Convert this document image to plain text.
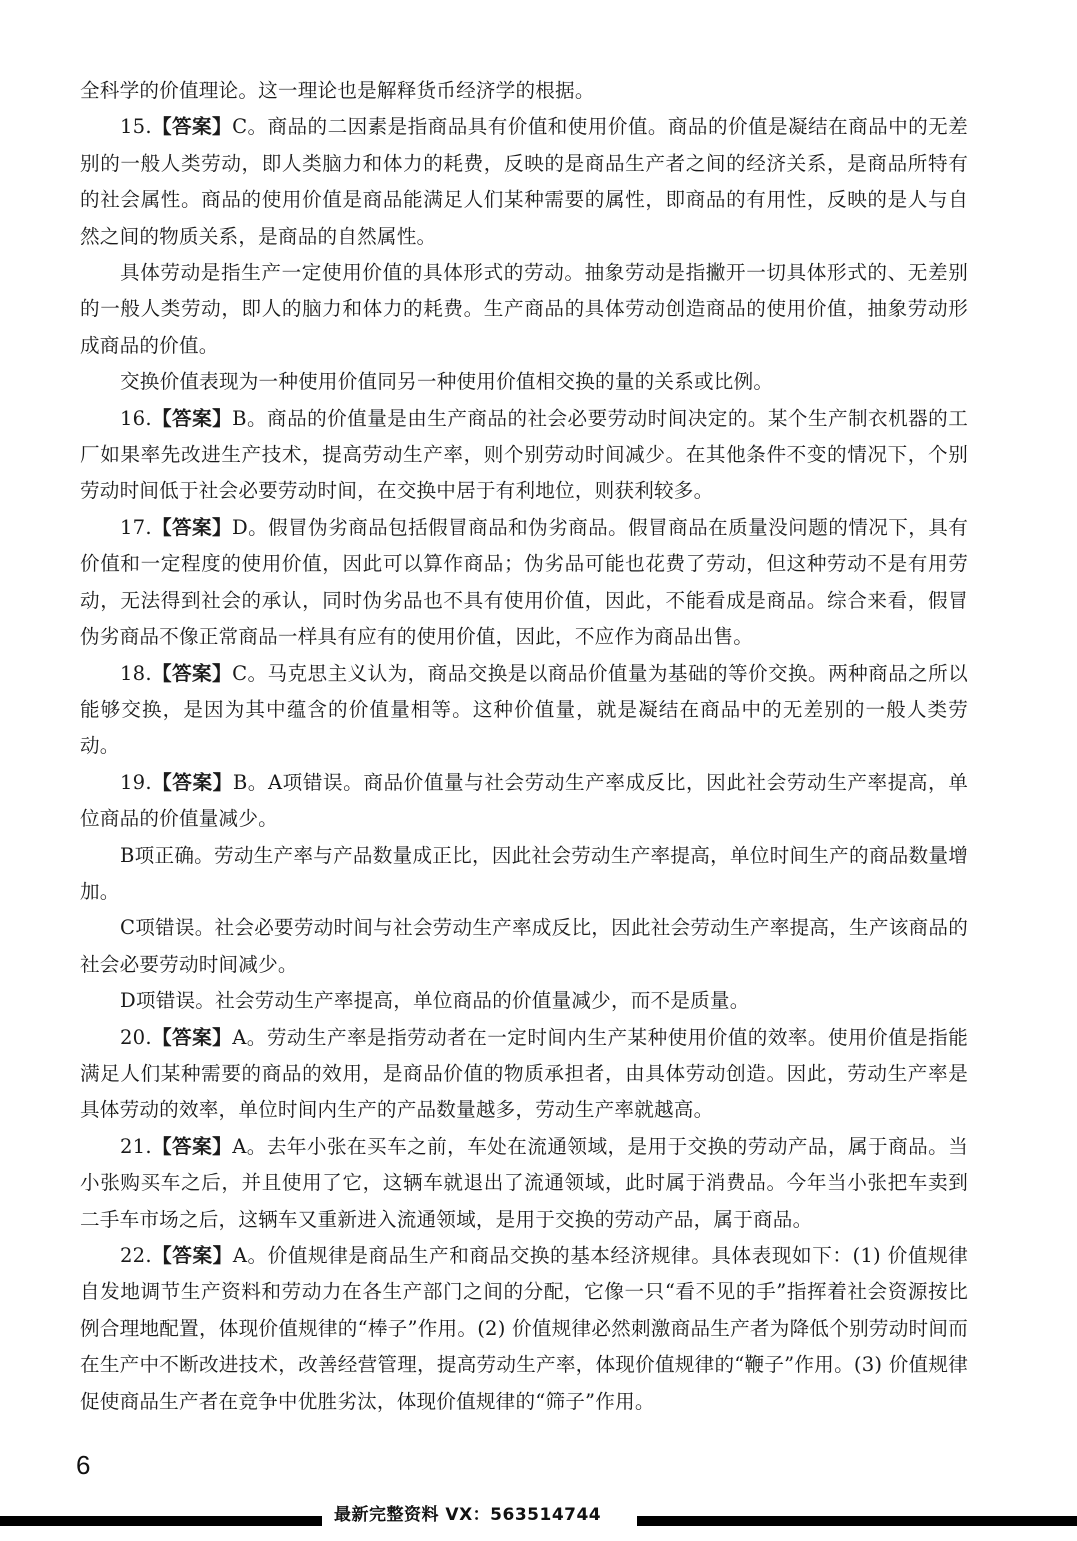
全科学的价值理论。这一理论也是解释货币经济学的根据。

15.【答案】C。商品的二因素是指商品具有价值和使用价值。商品的价值是凝结在商品中的无差别的一般人类劳动，即人类脑力和体力的耗费，反映的是商品生产者之间的经济关系，是商品所特有的社会属性。商品的使用价值是商品能满足人们某种需要的属性，即商品的有用性，反映的是人与自然之间的物质关系，是商品的自然属性。

具体劳动是指生产一定使用价值的具体形式的劳动。抽象劳动是指撇开一切具体形式的、无差别的一般人类劳动，即人的脑力和体力的耗费。生产商品的具体劳动创造商品的使用价值，抽象劳动形成商品的价值。

交换价值表现为一种使用价值同另一种使用价值相交换的量的关系或比例。

16.【答案】B。商品的价值量是由生产商品的社会必要劳动时间决定的。某个生产制衣机器的工厂如果率先改进生产技术，提高劳动生产率，则个别劳动时间减少。在其他条件不变的情况下，个别劳动时间低于社会必要劳动时间，在交换中居于有利地位，则获利较多。

17.【答案】D。假冒伪劣商品包括假冒商品和伪劣商品。假冒商品在质量没问题的情况下，具有价值和一定程度的使用价值，因此可以算作商品；伪劣品可能也花费了劳动，但这种劳动不是有用劳动，无法得到社会的承认，同时伪劣品也不具有使用价值，因此，不能看成是商品。综合来看，假冒伪劣商品不像正常商品一样具有应有的使用价值，因此，不应作为商品出售。

18.【答案】C。马克思主义认为，商品交换是以商品价值量为基础的等价交换。两种商品之所以能够交换，是因为其中蕴含的价值量相等。这种价值量，就是凝结在商品中的无差别的一般人类劳动。

19.【答案】B。A项错误。商品价值量与社会劳动生产率成反比，因此社会劳动生产率提高，单位商品的价值量减少。

B项正确。劳动生产率与产品数量成正比，因此社会劳动生产率提高，单位时间生产的商品数量增加。

C项错误。社会必要劳动时间与社会劳动生产率成反比，因此社会劳动生产率提高，生产该商品的社会必要劳动时间减少。

D项错误。社会劳动生产率提高，单位商品的价值量减少，而不是质量。

20.【答案】A。劳动生产率是指劳动者在一定时间内生产某种使用价值的效率。使用价值是指能满足人们某种需要的商品的效用，是商品价值的物质承担者，由具体劳动创造。因此，劳动生产率是具体劳动的效率，单位时间内生产的产品数量越多，劳动生产率就越高。

21.【答案】A。去年小张在买车之前，车处在流通领域，是用于交换的劳动产品，属于商品。当小张购买车之后，并且使用了它，这辆车就退出了流通领域，此时属于消费品。今年当小张把车卖到二手车市场之后，这辆车又重新进入流通领域，是用于交换的劳动产品，属于商品。

22.【答案】A。价值规律是商品生产和商品交换的基本经济规律。具体表现如下：(1) 价值规律自发地调节生产资料和劳动力在各生产部门之间的分配，它像一只“看不见的手”指挥着社会资源按比例合理地配置，体现价值规律的“棒子”作用。(2) 价值规律必然刺激商品生产者为降低个别劳动时间而在生产中不断改进技术，改善经营管理，提高劳动生产率，体现价值规律的“鞭子”作用。(3) 价值规律促使商品生产者在竞争中优胜劣汰，体现价值规律的“筛子”作用。

6
最新完整资料 VX：563514744
